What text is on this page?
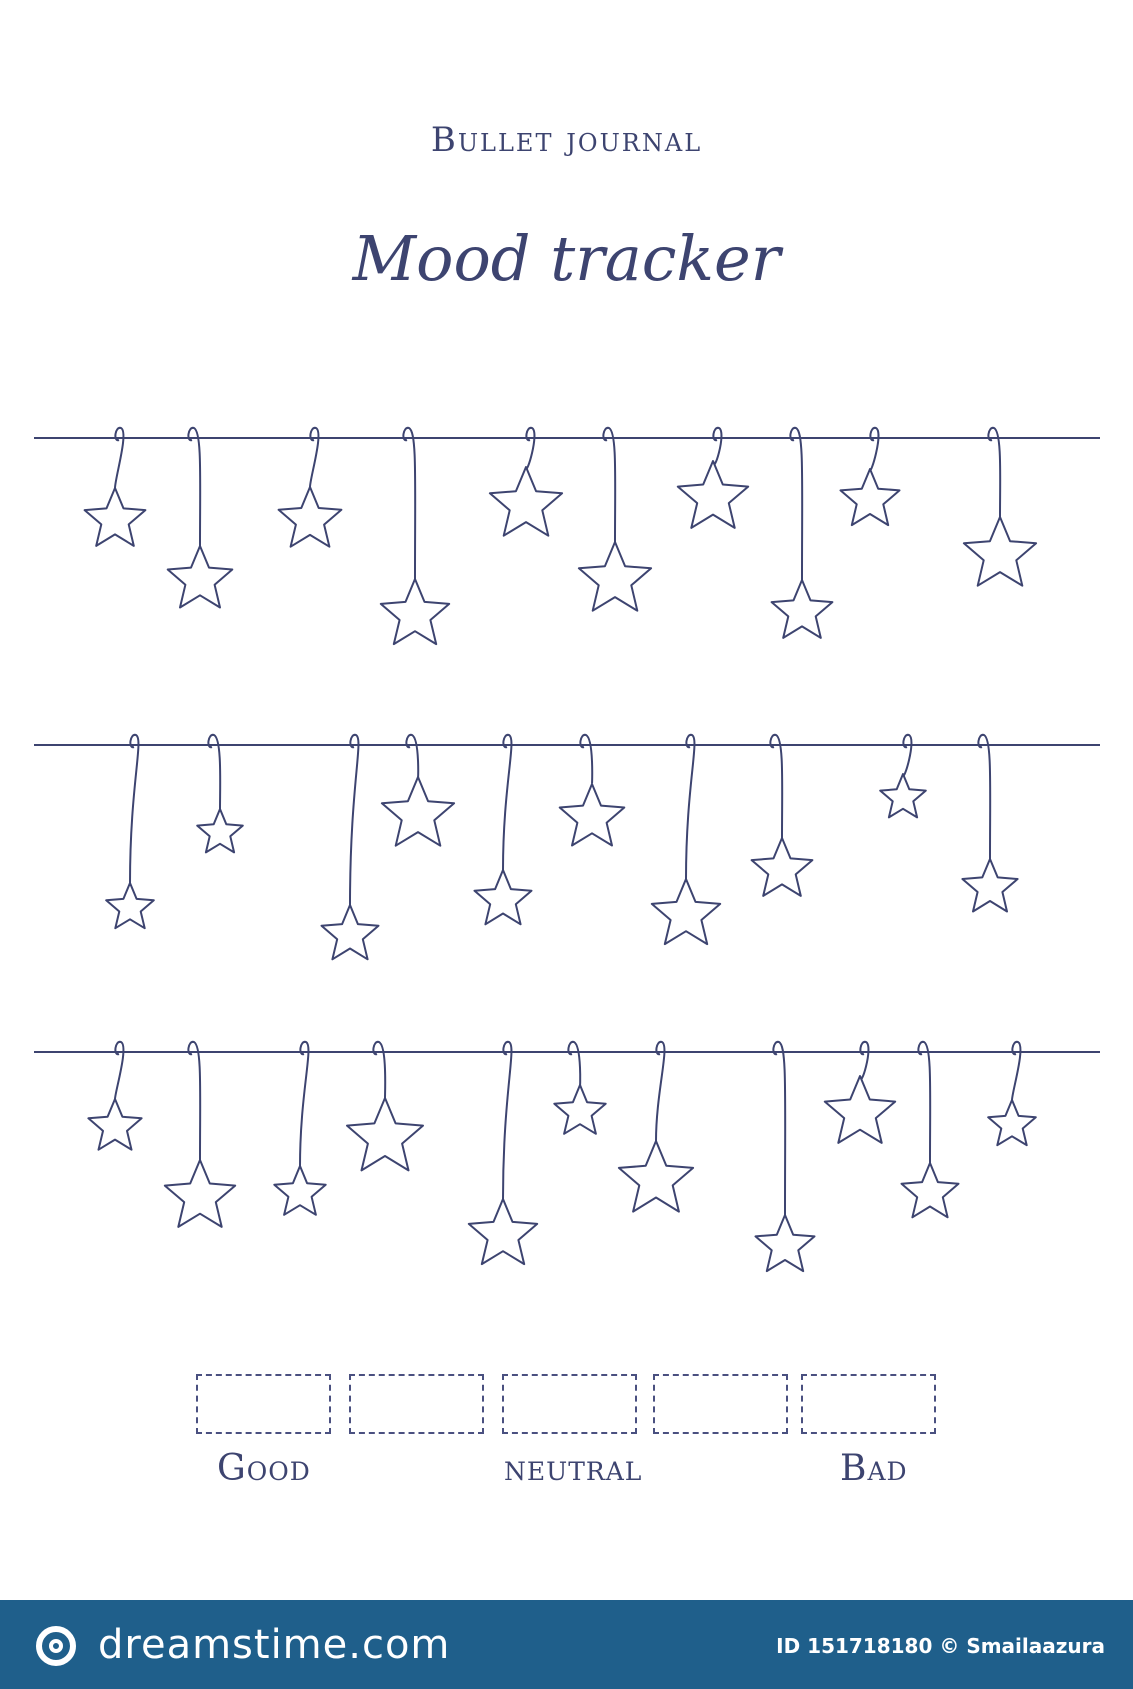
Bullet journal
Mood tracker
Good	neutral	Bad
dreamstime.com	ID 151718180 © Smailaazura
